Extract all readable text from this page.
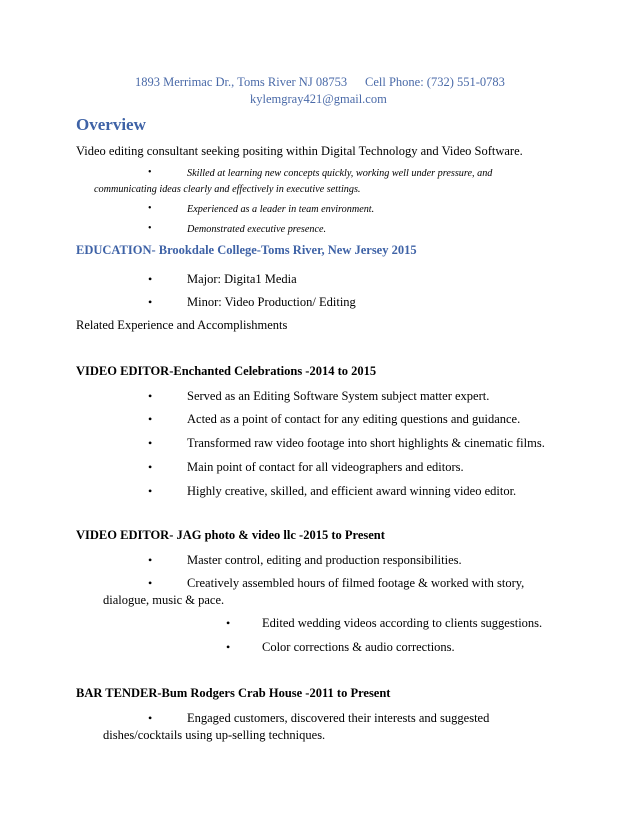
1893 Merrimac Dr., Toms River NJ 08753 Cell Phone: (732) 551-0783
kylemgray421@gmail.com
Overview
Video editing consultant seeking positing within Digital Technology and Video Software.
•	Skilled at learning new concepts quickly, working well under pressure, and
communicating ideas clearly and effectively in executive settings.
•	Experienced as a leader in team environment.
•	Demonstrated executive presence.
EDUCATION- Brookdale College-Toms River, New Jersey 2015
•	Major: Digita1 Media
•	Minor: Video Production/ Editing
Related Experience and Accomplishments
VIDEO EDITOR-Enchanted Celebrations -2014 to 2015
•	Served as an Editing Software System subject matter expert.
•	Acted as a point of contact for any editing questions and guidance.
•	Transformed raw video footage into short highlights & cinematic films.
•	Main point of contact for all videographers and editors.
•	Highly creative, skilled, and efficient award winning video editor.
VIDEO EDITOR- JAG photo & video llc -2015 to Present
•	Master control, editing and production responsibilities.
•	Creatively assembled hours of filmed footage & worked with story,
dialogue, music & pace.
•	Edited wedding videos according to clients suggestions.
•	Color corrections & audio corrections.
BAR TENDER-Bum Rodgers Crab House -2011 to Present
•	Engaged customers, discovered their interests and suggested
dishes/cocktails using up-selling techniques.
